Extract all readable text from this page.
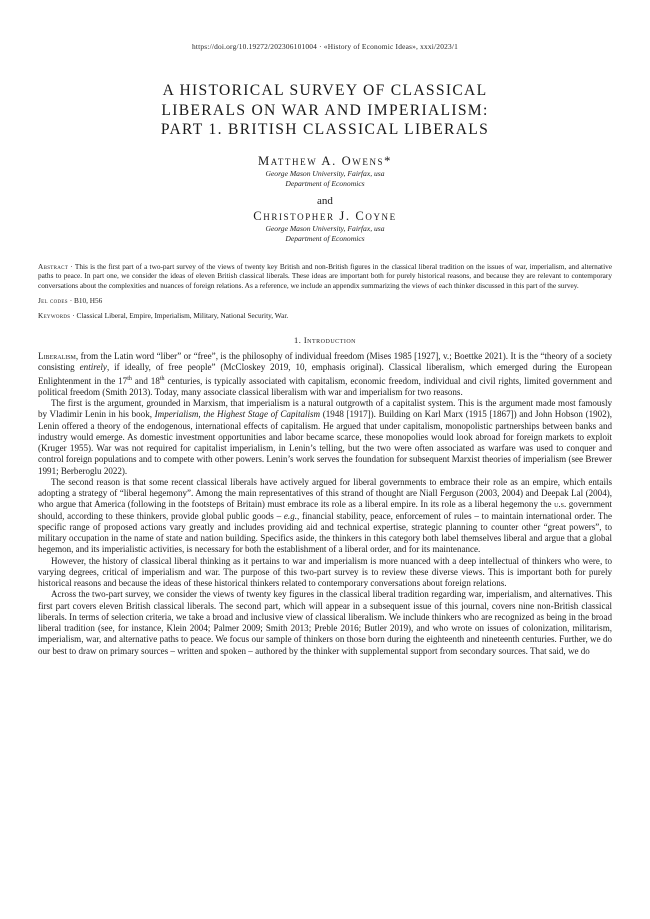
https://doi.org/10.19272/202306101004 · «History of Economic Ideas», xxxi/2023/1
A HISTORICAL SURVEY OF CLASSICAL
LIBERALS ON WAR AND IMPERIALISM:
PART 1. BRITISH CLASSICAL LIBERALS
Matthew A. Owens*
George Mason University, Fairfax, usa
Department of Economics
and
Christopher J. Coyne
George Mason University, Fairfax, usa
Department of Economics
Abstract · This is the first part of a two-part survey of the views of twenty key British and non-British figures in the classical liberal tradition on the issues of war, imperialism, and alternative paths to peace. In part one, we consider the ideas of eleven British classical liberals. These ideas are important both for purely historical reasons, and because they are relevant to contemporary conversations about the complexities and nuances of foreign relations. As a reference, we include an appendix summarizing the views of each thinker discussed in this part of the survey.
Jel codes · B10, H56
Keywords · Classical Liberal, Empire, Imperialism, Military, National Security, War.
1. Introduction

Liberalism, from the Latin word “liber” or “free”, is the philosophy of individual freedom (Mises 1985 [1927], v.; Boettke 2021). It is the “theory of a society consisting entirely, if ideally, of free people” (McCloskey 2019, 10, emphasis original). Classical liberalism, which emerged during the European Enlightenment in the 17th and 18th centuries, is typically associated with capitalism, economic freedom, individual and civil rights, limited government and political freedom (Smith 2013). Today, many associate classical liberalism with war and imperialism for two reasons.

The first is the argument, grounded in Marxism, that imperialism is a natural outgrowth of a capitalist system. This is the argument made most famously by Vladimir Lenin in his book, Imperialism, the Highest Stage of Capitalism (1948 [1917]). Building on Karl Marx (1915 [1867]) and John Hobson (1902), Lenin offered a theory of the endogenous, international effects of capitalism. He argued that under capitalism, monopolistic partnerships between banks and industry would emerge. As domestic investment opportunities and labor became scarce, these monopolies would look abroad for foreign markets to exploit (Kruger 1955). War was not required for capitalist imperialism, in Lenin’s telling, but the two were often associated as warfare was used to conquer and control foreign populations and to compete with other powers. Lenin’s work serves the foundation for subsequent Marxist theories of imperialism (see Brewer 1991; Berberoglu 2022).

The second reason is that some recent classical liberals have actively argued for liberal governments to embrace their role as an empire, which entails adopting a strategy of “liberal hegemony”. Among the main representatives of this strand of thought are Niall Ferguson (2003, 2004) and Deepak Lal (2004), who argue that America (following in the footsteps of Britain) must embrace its role as a liberal empire. In its role as a liberal hegemony the u.s. government should, according to these thinkers, provide global public goods – e.g., financial stability, peace, enforcement of rules – to maintain international order. The specific range of proposed actions vary greatly and includes providing aid and technical expertise, strategic planning to counter other “great powers”, to military occupation in the name of state and nation building. Specifics aside, the thinkers in this category both label themselves liberal and argue that a global hegemon, and its imperialistic activities, is necessary for both the establishment of a liberal order, and for its maintenance.

However, the history of classical liberal thinking as it pertains to war and imperialism is more nuanced with a deep intellectual of thinkers who were, to varying degrees, critical of imperialism and war. The purpose of this two-part survey is to review these diverse views. This is important both for purely historical reasons and because the ideas of these historical thinkers related to contemporary conversations about foreign relations.

Across the two-part survey, we consider the views of twenty key figures in the classical liberal tradition regarding war, imperialism, and alternatives. This first part covers eleven British classical liberals. The second part, which will appear in a subsequent issue of this journal, covers nine non-British classical liberals. In terms of selection criteria, we take a broad and inclusive view of classical liberalism. We include thinkers who are recognized as being in the broad liberal tradition (see, for instance, Klein 2004; Palmer 2009; Smith 2013; Preble 2016; Butler 2019), and who wrote on issues of colonization, militarism, imperialism, war, and alternative paths to peace. We focus our sample of thinkers on those born during the eighteenth and nineteenth centuries. Further, we do our best to draw on primary sources – written and spoken – authored by the thinker with supplemental support from secondary sources. That said, we do
